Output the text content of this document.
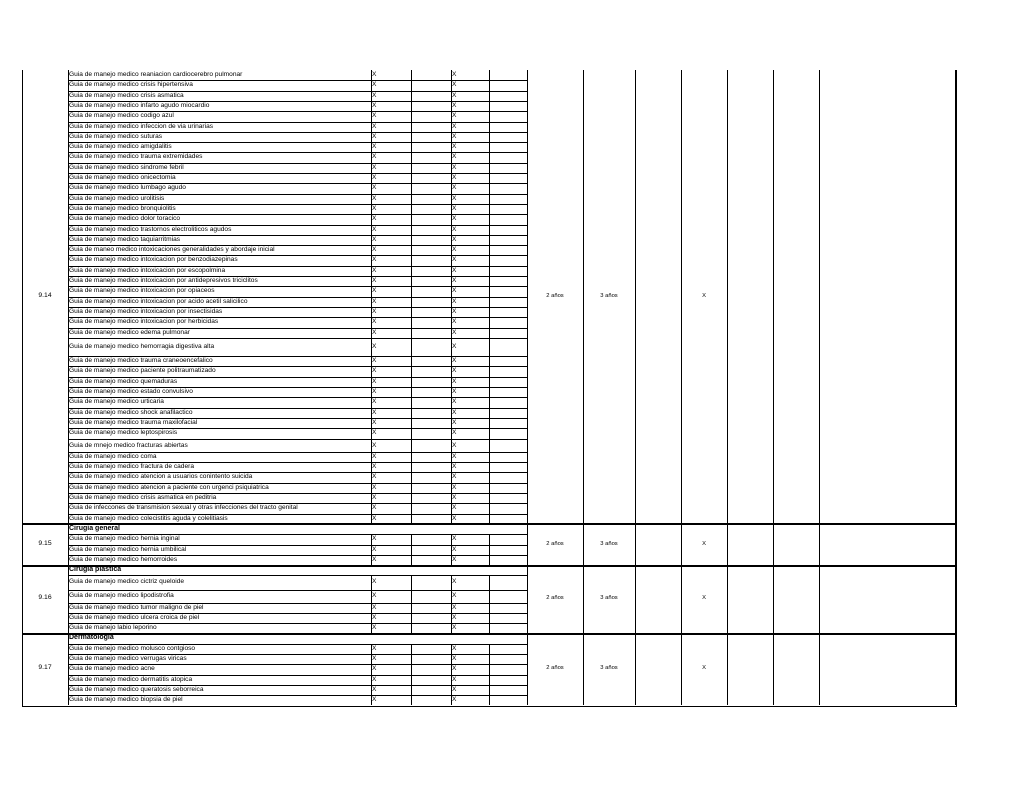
Guia de manejo medico reaniacion cardiocerebro pulmonar	X	X
Guia de manejo medico crisis hipertensiva	X	X
Guia de manejo medico crisis asmatica	X	X
Guia de manejo medico infarto agudo miocardio	X	X
Guia de manejo medico codigo azul	X	X
Guia de manejo medico infeccion de via urinarias	X	X
Guia de manejo medico suturas	X	X
Guia de manejo medico amigdalitis	X	X
Guia de manejo medico trauma extremidades	X	X
Guia de manejo medico sindrome febril	X	X
Guia de manejo medico onicectomia	X	X
Guia de manejo medico lumbago agudo	X	X
Guia de manejo medico urolitisis	X	X
Guia de manejo medico bronquiolitis	X	X
Guia de manejo medico dolor toracico	X	X
Guia de manejo medico trastornos electroliticos agudos	X	X
Guia de manejo medico taquiarritmias	X	X
Guia de maneo medico intoxicaciones generalidades y abordaje inicial	X	X
Guia de manejo medico intoxicacion por benzodiazepinas	X	X
Guia de manejo medico intoxicacion por escopolmina	X	X
Guia de manejo medico intoxicacion por antidepresivos triciclitos	X	X
Guia de manejo medico intoxicacion por opiaceos	X	X
Guia de manejo medico intoxicacion por acido acetil salicilico	X	X
Guia de manejo medico intoxicacion por insectisidas	X	X
Guia de manejo medico intoxicacion por herbicidas	X	X
Guia de manejo medico edema pulmonar	X	X
Guia de manejo medico hemorragia digestiva alta	X	X
Guia de manejo medico trauma craneoencefalico	X	X
Guia de manejo medico paciente politraumatizado	X	X
Guia de manejo medico quemaduras	X	X
Guia de manejo medico estado convulsivo	X	X
Guia de manejo medico urticaria	X	X
Guia de manejo medico shock anafilactico	X	X
Guia de manejo medico trauma maxilofacial	X	X
Guia de manejo medico leptospirosis	X	X
Guia de mnejo medico fracturas abiertas	X	X
Guia de manejo medico coma	X	X
Guia de manejo medico fractura de cadera	X	X
Guia de manejo medico atencion a usuarios conintento suicida	X	X
Guia de manejo medico atencion a paciente con urgenci psiquiatrica	X	X
Guia de manejo medico crisis asmatica en peditria	X	X
Guia de infeccones de transmision sexual y otras infecciones del tracto genital	X	X
Guia de manejo medico colecistitis aguda y colelitiasis	X	X
9.14	2 años	3 años	X
Cirugia general
Guia de manejo medico hernia inginal	X	X
Guia de manejo medico hernia umbilical	X	X
Guia de manejo medico hemorroides	X	X
9.15	2 años	3 años	X
Cirugia plastica
Guia de manejo medico cictriz queloide	X	X
Guia de manejo medico lipodistrofia	X	X
Guia de manejo medico tumor maligno de piel	X	X
Guia de manejo medico ulcera croica de piel	X	X
Guia de manejo labio leporino	X	X
9.16	2 años	3 años	X
Dermatologia
Guia de menejo medico molusco contgioso	X	X
Guia de manejo medico verrugas viricas	X	X
Guia de manejo medico acne	X	X
Guia de manejo medico dermatitis atopica	X	X
Guia de manejo medico queratosis seborreica	X	X
Guia de manejo medico biopsia de piel	X	X
9.17	2 años	3 años	X
